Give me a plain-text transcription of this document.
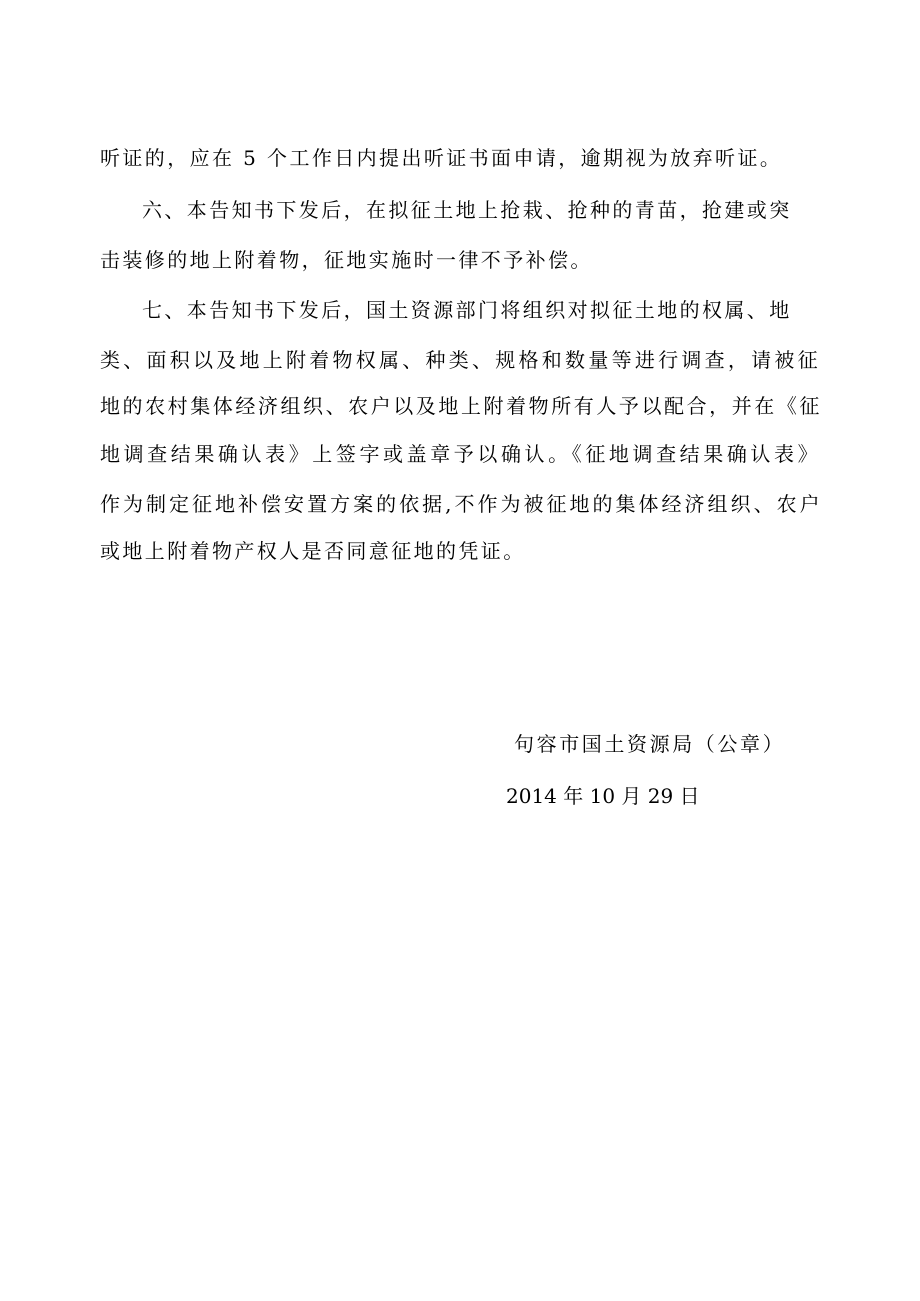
听证的，应在 5 个工作日内提出听证书面申请，逾期视为放弃听证。
六、本告知书下发后，在拟征土地上抢栽、抢种的青苗，抢建或突
击装修的地上附着物，征地实施时一律不予补偿。
七、本告知书下发后，国土资源部门将组织对拟征土地的权属、地
类、面积以及地上附着物权属、种类、规格和数量等进行调查，请被征
地的农村集体经济组织、农户以及地上附着物所有人予以配合，并在《征
地调查结果确认表》上签字或盖章予以确认。《征地调查结果确认表》
作为制定征地补偿安置方案的依据,不作为被征地的集体经济组织、农户
或地上附着物产权人是否同意征地的凭证。
句容市国土资源局（公章）
2014 年 10 月 29 日
